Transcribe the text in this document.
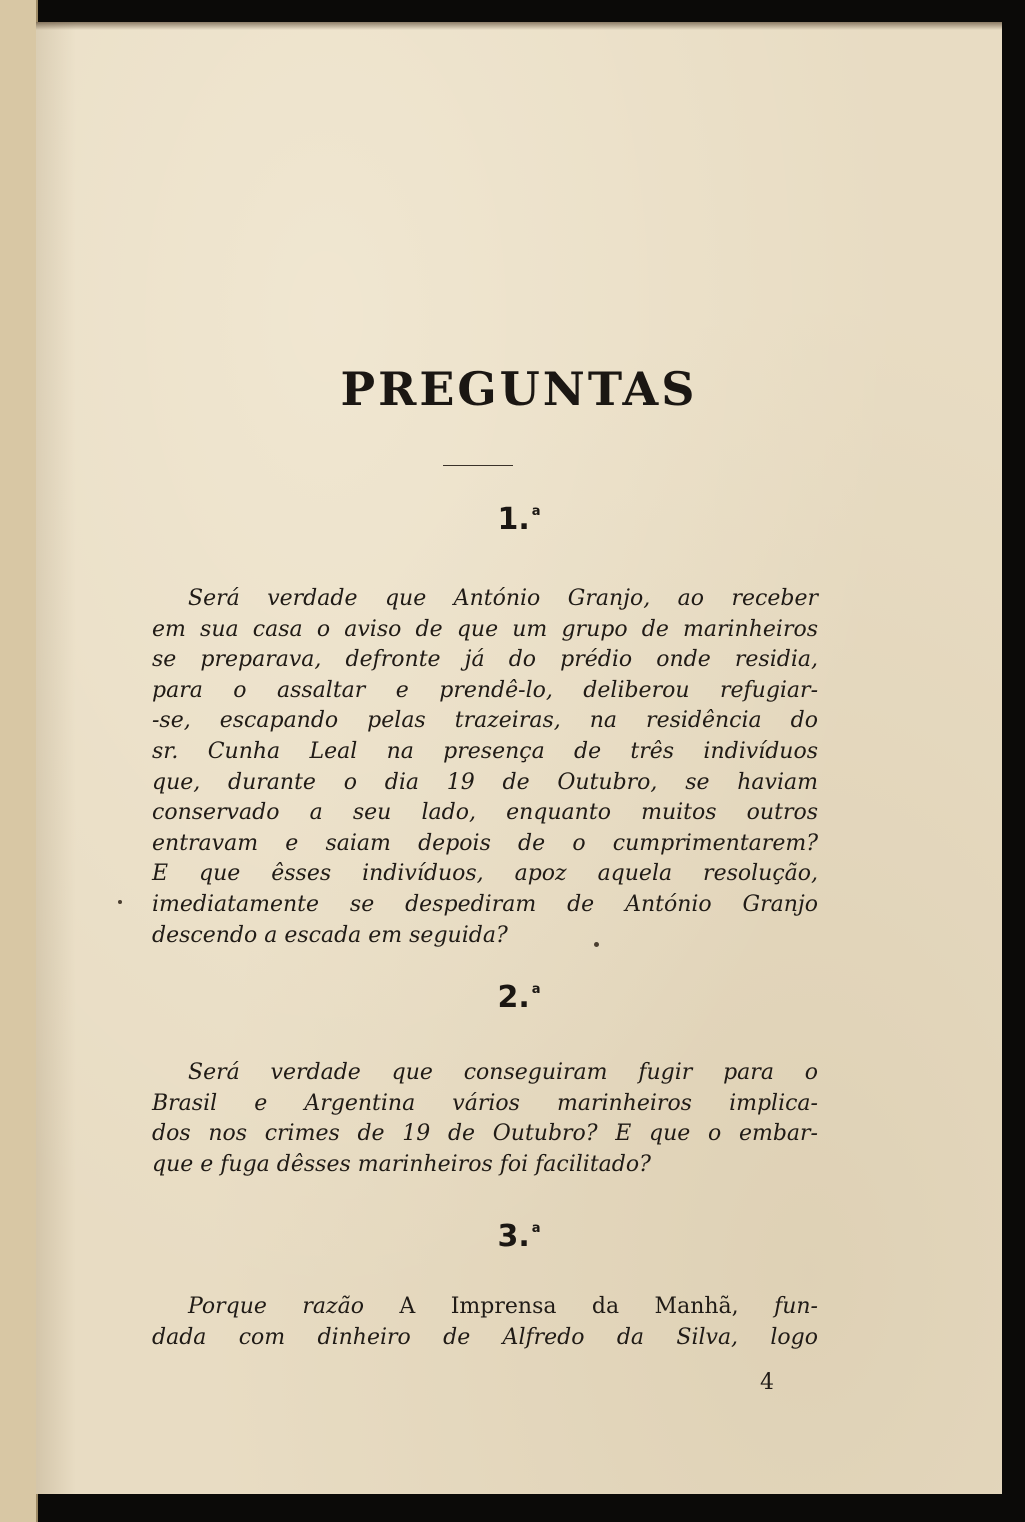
PREGUNTAS
1. $^a$
Será verdade que António Granjo, ao receber
em sua casa o aviso de que um grupo de marinheiros
se preparava, defronte já do prédio onde residia,
para o assaltar e prendê-lo, deliberou refugiar-
-se, escapando pelas trazeiras, na residência do
sr. Cunha Leal na presença de três indivíduos
que, durante o dia 19 de Outubro, se haviam
conservado a seu lado, enquanto muitos outros
entravam e saiam depois de o cumprimentarem?
E que êsses indivíduos, apoz aquela resolução,
imediatamente se despediram de António Granjo
descendo a escada em seguida?
2. $^a$
Será verdade que conseguiram fugir para o
Brasil e Argentina vários marinheiros implica-
dos nos crimes de 19 de Outubro? E que o embar-
que e fuga dêsses marinheiros foi facilitado?
3. $^a$
Porque razão A Imprensa da Manhã, fun-
dada com dinheiro de Alfredo da Silva, logo
4
